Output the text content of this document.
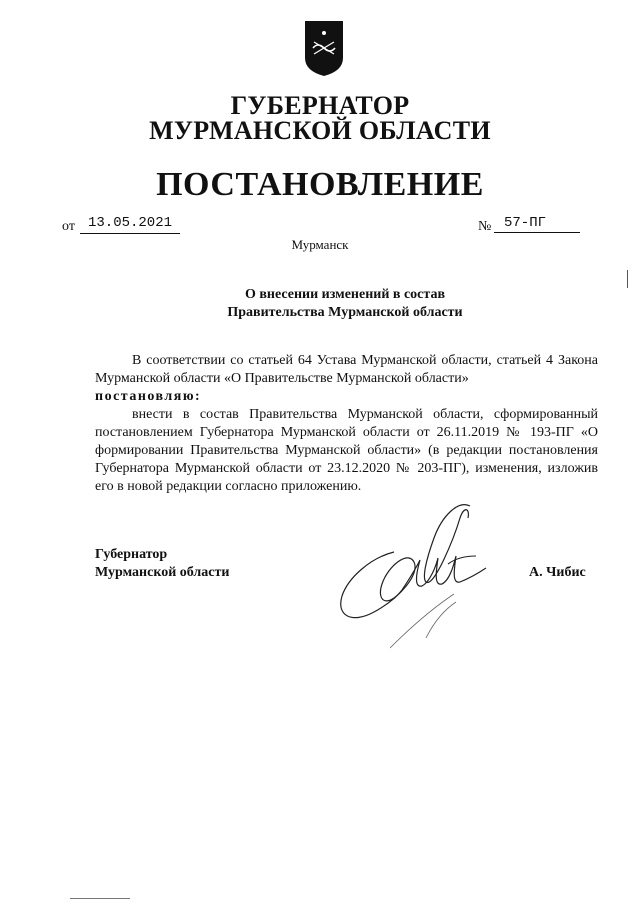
ГУБЕРНАТОР
МУРМАНСКОЙ ОБЛАСТИ
ПОСТАНОВЛЕНИЕ
от 13.05.2021	№ 57-ПГ
Мурманск
О внесении изменений в состав
Правительства Мурманской области

В соответствии со статьей 64 Устава Мурманской области, статьей 4 Закона Мурманской области «О Правительстве Мурманской области»

постановляю:

внести в состав Правительства Мурманской области, сформированный постановлением Губернатора Мурманской области от 26.11.2019 № 193-ПГ «О формировании Правительства Мурманской области» (в редакции постановления Губернатора Мурманской области от 23.12.2020 № 203-ПГ), изменения, изложив его в новой редакции согласно приложению.

Губернатор
Мурманской области	А. Чибис
